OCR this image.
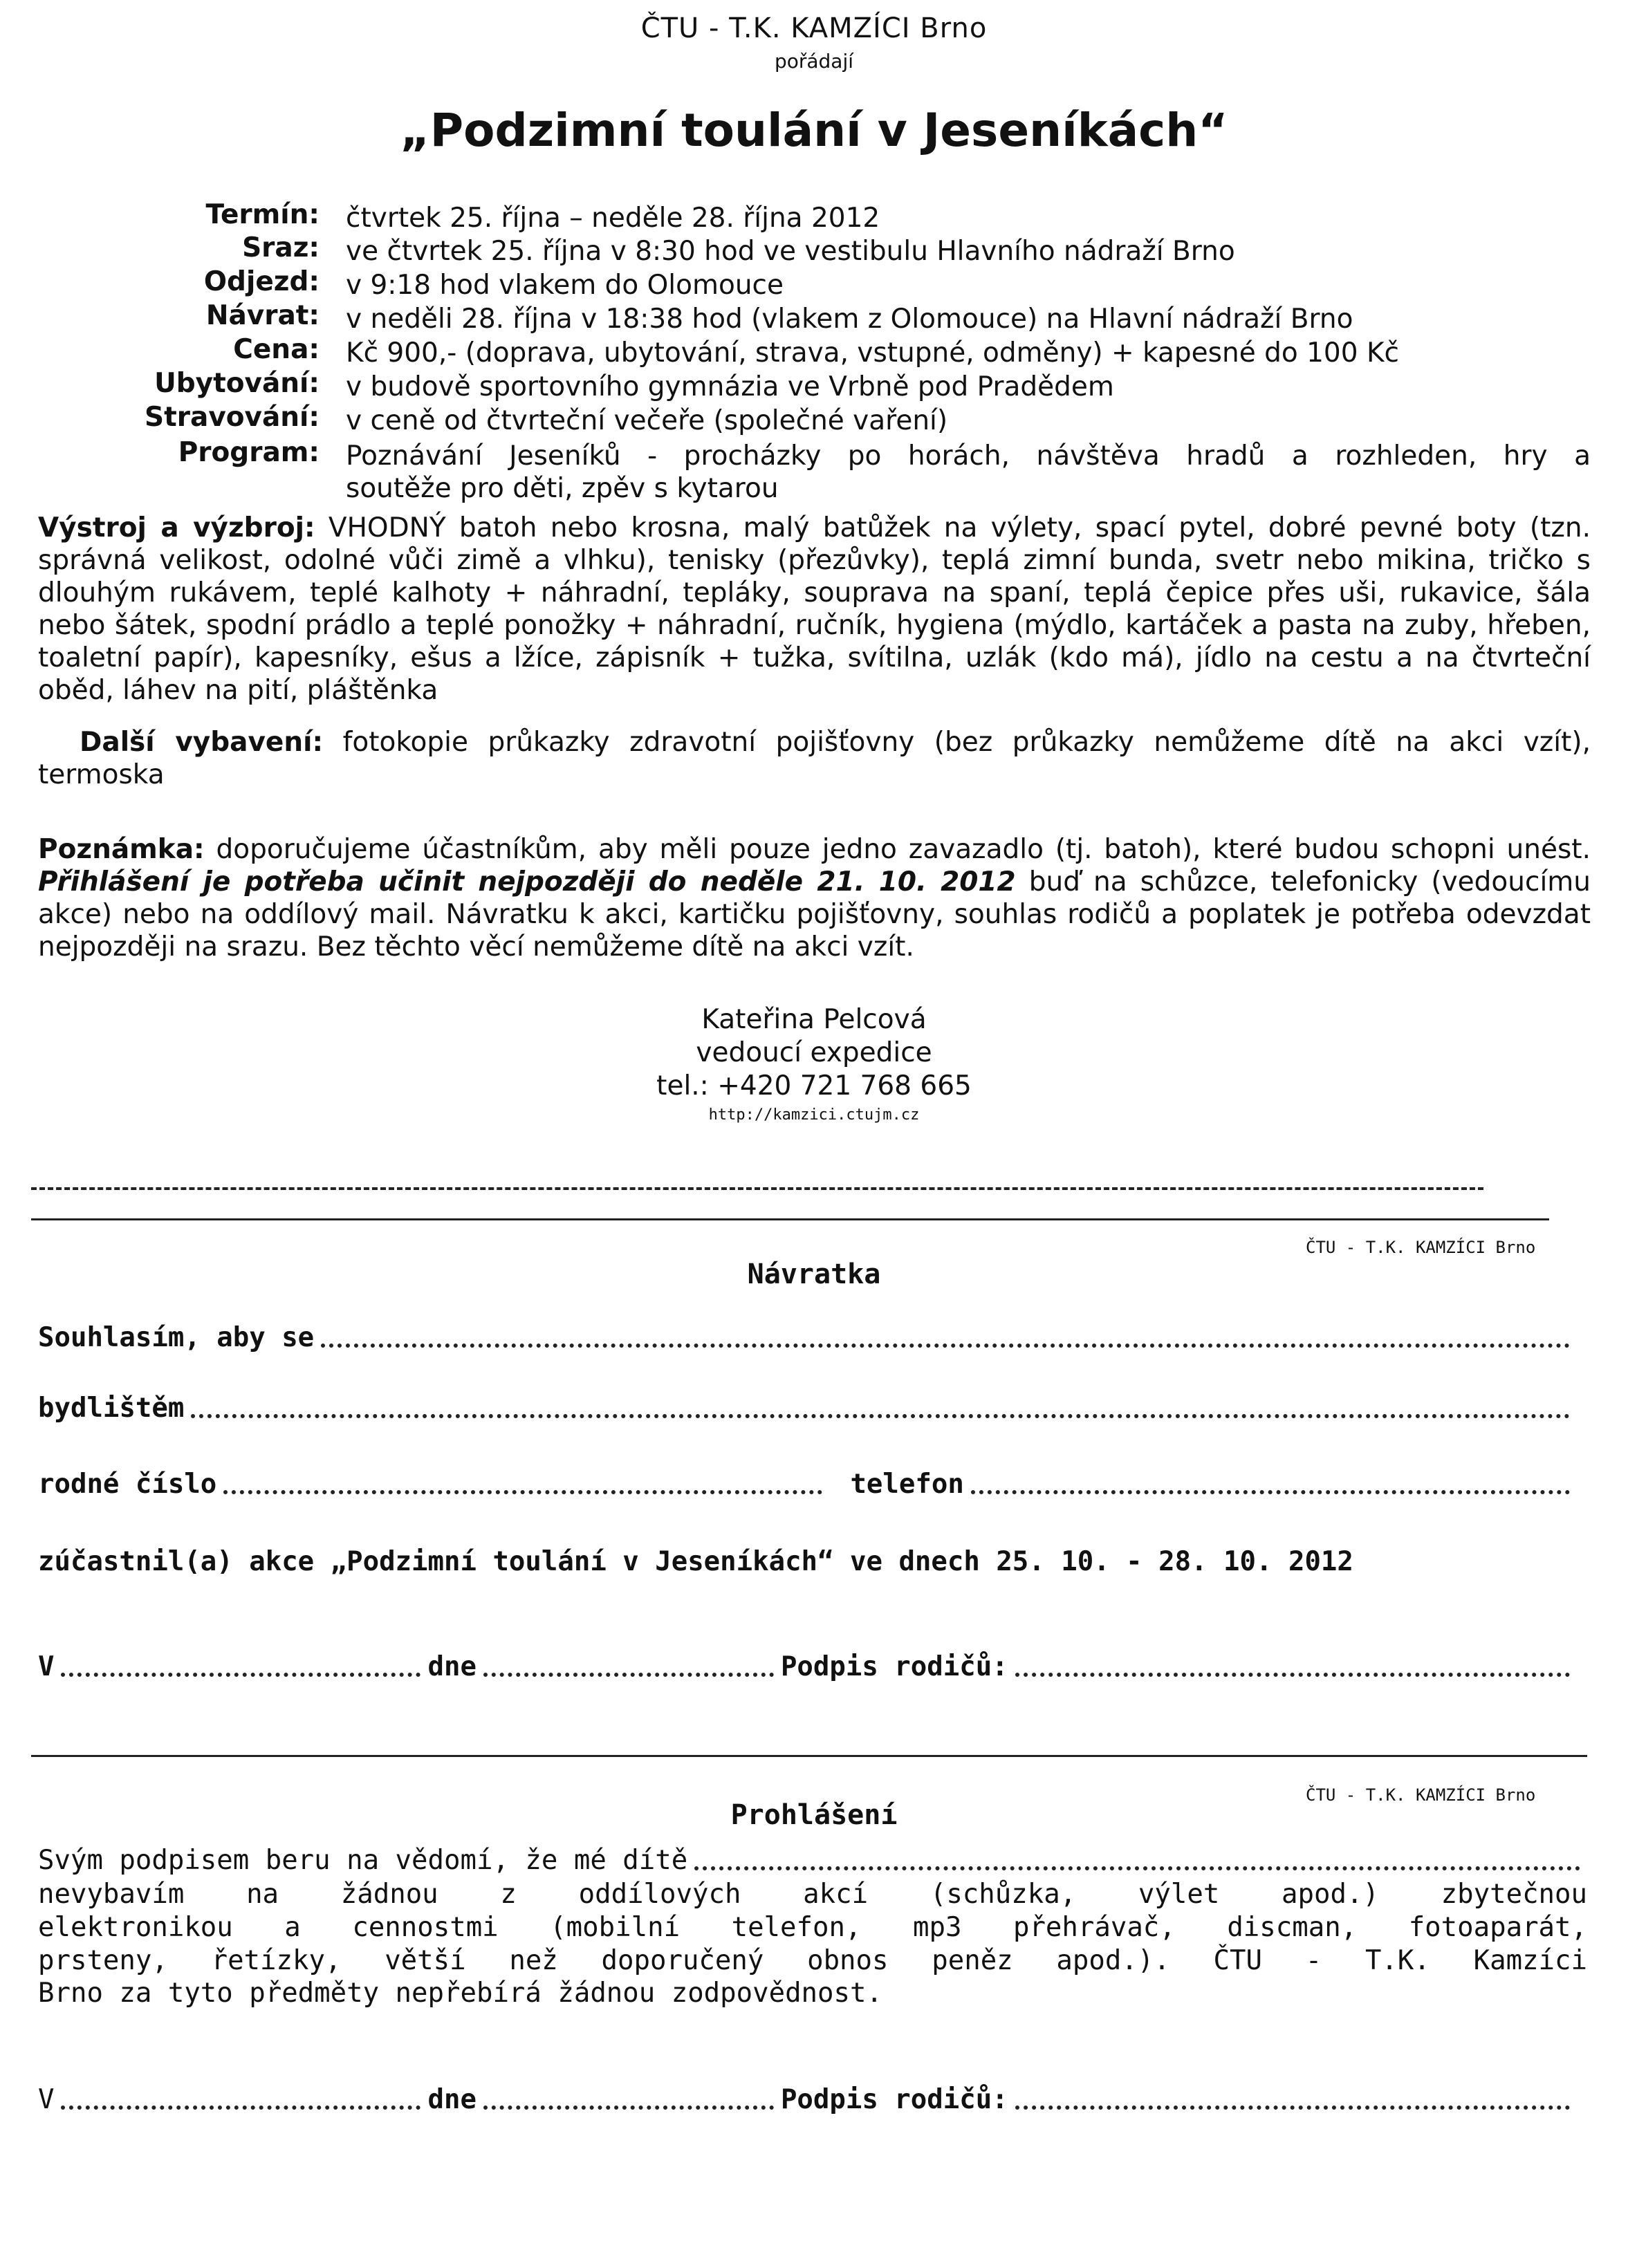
ČTU - T.K. KAMZÍCI Brno
pořádají
„Podzimní toulání v Jeseníkách“
Termín: čtvrtek 25. října – neděle 28. října 2012
Sraz: ve čtvrtek 25. října v 8:30 hod ve vestibulu Hlavního nádraží Brno
Odjezd: v 9:18 hod vlakem do Olomouce
Návrat: v neděli 28. října v 18:38 hod (vlakem z Olomouce) na Hlavní nádraží Brno
Cena: Kč 900,- (doprava, ubytování, strava, vstupné, odměny) + kapesné do 100 Kč
Ubytování: v budově sportovního gymnázia ve Vrbně pod Pradědem
Stravování: v ceně od čtvrteční večeře (společné vaření)
Program: Poznávání Jeseníků - procházky po horách, návštěva hradů a rozhleden, hry a
soutěže pro děti, zpěv s kytarou
Výstroj a výzbroj: VHODNÝ batoh nebo krosna, malý batůžek na výlety, spací pytel, dobré pevné boty (tzn. správná velikost, odolné vůči zimě a vlhku), tenisky (přezůvky), teplá zimní bunda, svetr nebo mikina, tričko s dlouhým rukávem, teplé kalhoty + náhradní, tepláky, souprava na spaní, teplá čepice přes uši, rukavice, šála nebo šátek, spodní prádlo a teplé ponožky + náhradní, ručník, hygiena (mýdlo, kartáček a pasta na zuby, hřeben, toaletní papír), kapesníky, ešus a lžíce, zápisník + tužka, svítilna, uzlák (kdo má), jídlo na cestu a na čtvrteční oběd, láhev na pití, pláštěnka
Další vybavení: fotokopie průkazky zdravotní pojišťovny (bez průkazky nemůžeme dítě na akci vzít), termoska
Poznámka: doporučujeme účastníkům, aby měli pouze jedno zavazadlo (tj. batoh), které budou schopni unést. Přihlášení je potřeba učinit nejpozději do neděle 21. 10. 2012 buď na schůzce, telefonicky (vedoucímu akce) nebo na oddílový mail. Návratku k akci, kartičku pojišťovny, souhlas rodičů a poplatek je potřeba odevzdat nejpozději na srazu. Bez těchto věcí nemůžeme dítě na akci vzít.
Kateřina Pelcová
vedoucí expedice
tel.: +420 721 768 665
http://kamzici.ctujm.cz
ČTU - T.K. KAMZÍCI Brno
Návratka
Souhlasím, aby se
bydlištěm
rodné číslo	telefon
zúčastnil(a) akce „Podzimní toulání v Jeseníkách“ ve dnech 25. 10. - 28. 10. 2012
V	dne	Podpis rodičů:
ČTU - T.K. KAMZÍCI Brno
Prohlášení
Svým podpisem beru na vědomí, že mé dítě
nevybavím na žádnou z oddílových akcí (schůzka, výlet apod.) zbytečnou
elektronikou a cennostmi (mobilní telefon, mp3 přehrávač, discman, fotoaparát,
prsteny, řetízky, větší než doporučený obnos peněz apod.). ČTU - T.K. Kamzíci
Brno za tyto předměty nepřebírá žádnou zodpovědnost.
V	dne	Podpis rodičů:
